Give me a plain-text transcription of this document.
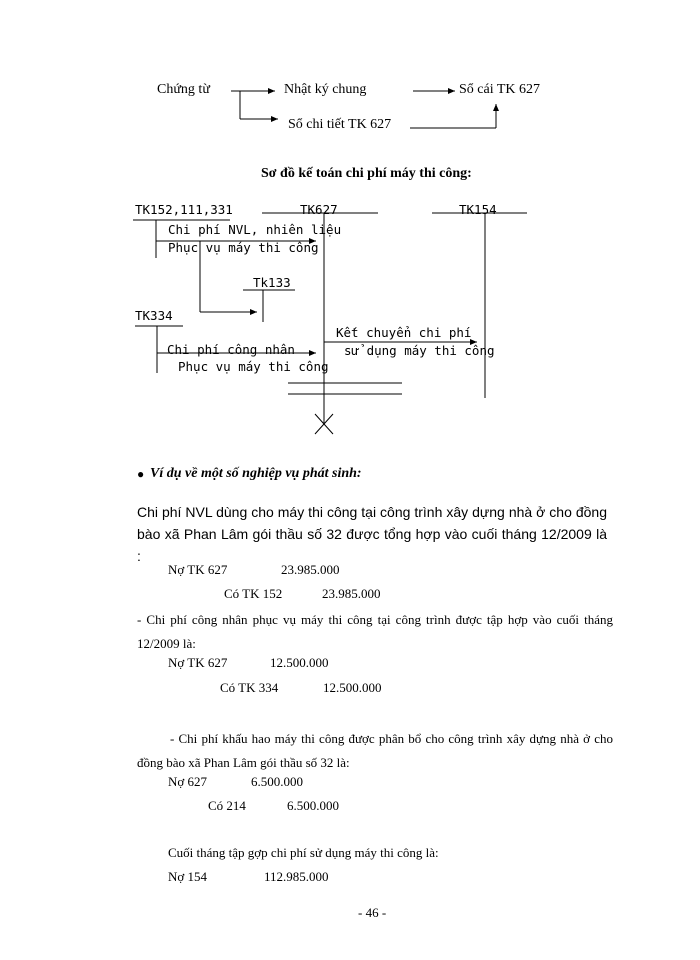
Chứng từ	Nhật ký chung	Sổ cái TK 627
Sổ chi tiết TK 627
Sơ đồ kế toán chi phí máy thi công:
TK152,111,331	TK627	TK154
Chi phí NVL, nhiên liệu
Phục vụ máy thi công
Tk133
TK334
Chi phí công nhân
Phục vụ máy thi công
Kết chuyển chi phí
sử dụng máy thi công
● Ví dụ về một số nghiệp vụ phát sinh:
Chi phí NVL dùng cho máy thi công tại công trình xây dựng nhà ở cho đồng bào xã Phan Lâm gói thầu số 32 được tổng hợp vào cuối tháng 12/2009 là :
Nợ TK 627	23.985.000
Có TK 152	23.985.000
- Chi phí công nhân phục vụ máy thi công tại công trình được tập hợp vào cuối tháng 12/2009 là:
Nợ TK 627	12.500.000
Có TK 334	12.500.000
- Chi phí khấu hao máy thi công được phân bổ cho công trình xây dựng nhà ở cho đồng bào xã Phan Lâm gói thầu số 32 là:
Nợ 627	6.500.000
Có 214	6.500.000
Cuối tháng tập gợp chi phí sử dụng máy thi công là:
Nợ 154	112.985.000
- 46 -
